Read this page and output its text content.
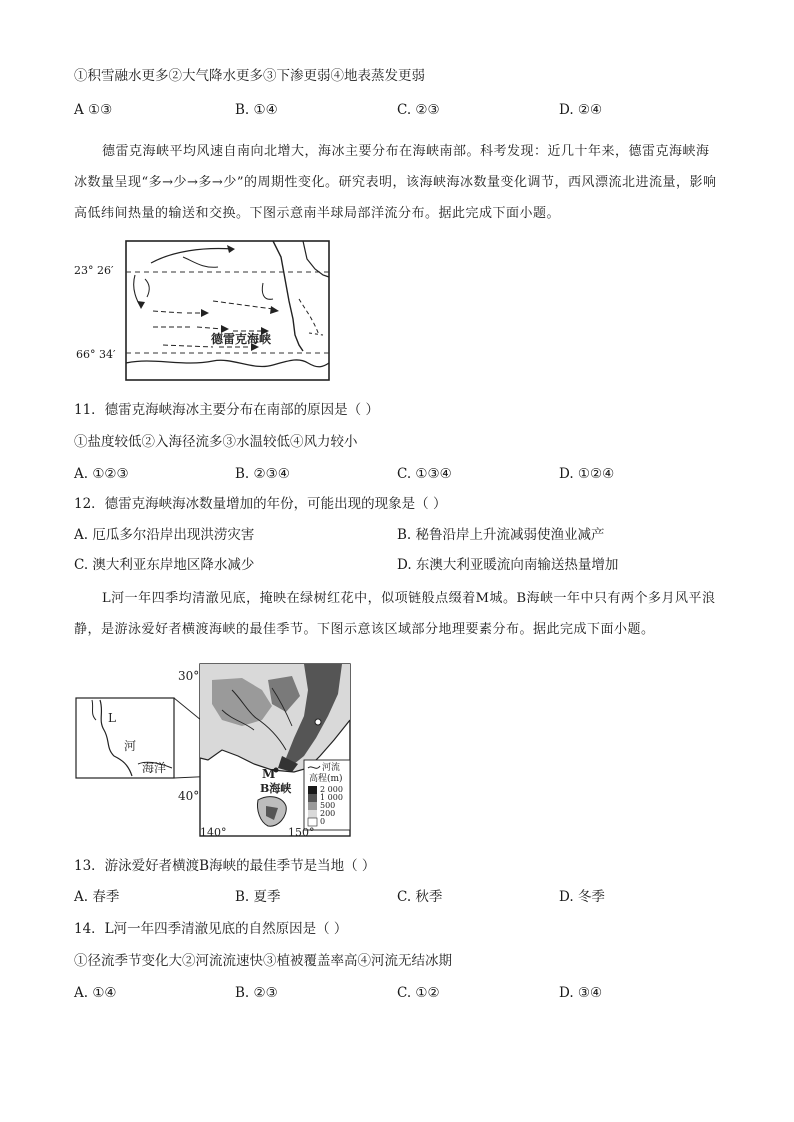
①积雪融水更多②大气降水更多③下渗更弱④地表蒸发更弱
A ①③	B. ①④	C. ②③	D. ②④
德雷克海峡平均风速自南向北增大，海冰主要分布在海峡南部。科考发现：近几十年来，德雷克海峡海冰数量呈现“多→少→多→少”的周期性变化。研究表明，该海峡海冰数量变化调节，西风漂流北进流量，影响高低纬间热量的输送和交换。下图示意南半球局部洋流分布。据此完成下面小题。
德雷克海峡
23° 26′
66° 34′
11．德雷克海峡海冰主要分布在南部的原因是（ ）
①盐度较低②入海径流多③水温较低④风力较小
A. ①②③	B. ②③④	C. ①③④	D. ①②④
12．德雷克海峡海冰数量增加的年份，可能出现的现象是（ ）
A. 厄瓜多尔沿岸出现洪涝灾害	B. 秘鲁沿岸上升流减弱使渔业减产
C. 澳大利亚东岸地区降水减少	D. 东澳大利亚暖流向南输送热量增加
L河一年四季均清澈见底，掩映在绿树红花中，似项链般点缀着M城。B海峡一年中只有两个多月风平浪静，是游泳爱好者横渡海峡的最佳季节。下图示意该区域部分地理要素分布。据此完成下面小题。
L
河
海洋	河流
高程(m)
2 000
1 000
500
200
0
30°
40°
140°	150°
M
B海峡
13．游泳爱好者横渡B海峡的最佳季节是当地（ ）
A. 春季	B. 夏季	C. 秋季	D. 冬季
14．L河一年四季清澈见底的自然原因是（ ）
①径流季节变化大②河流流速快③植被覆盖率高④河流无结冰期
A. ①④	B. ②③	C. ①②	D. ③④
